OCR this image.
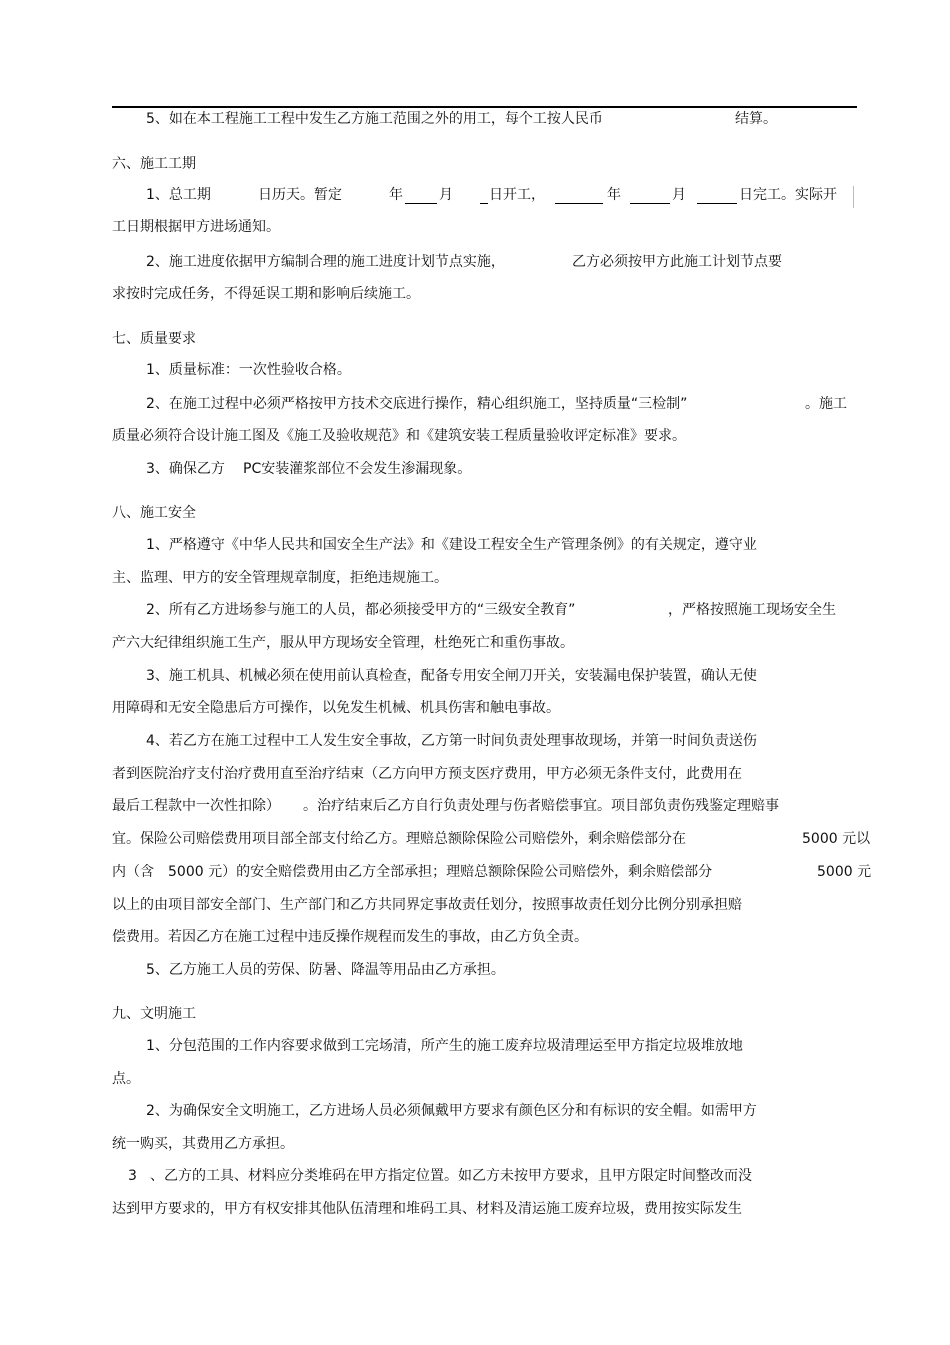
5、如在本工程施工工程中发生乙方施工范围之外的用工，每个工按人民币	结算。
六、施工工期
1、总工期	日历天。暂定	年	月	日开工，	年	月	日完工。实际开
工日期根据甲方进场通知。
2、施工进度依据甲方编制合理的施工进度计划节点实施，	乙方必须按甲方此施工计划节点要
求按时完成任务，不得延误工期和影响后续施工。
七、质量要求
1、质量标准：一次性验收合格。
2、在施工过程中必须严格按甲方技术交底进行操作，精心组织施工，坚持质量“三检制”	。施工
质量必须符合设计施工图及《施工及验收规范》和《建筑安装工程质量验收评定标准》要求。
3、确保乙方 PC安装灌浆部位不会发生渗漏现象。
八、施工安全
1、严格遵守《中华人民共和国安全生产法》和《建设工程安全生产管理条例》的有关规定，遵守业
主、监理、甲方的安全管理规章制度，拒绝违规施工。
2、所有乙方进场参与施工的人员，都必须接受甲方的“三级安全教育”	，严格按照施工现场安全生
产六大纪律组织施工生产，服从甲方现场安全管理，杜绝死亡和重伤事故。
3、施工机具、机械必须在使用前认真检查，配备专用安全闸刀开关，安装漏电保护装置，确认无使
用障碍和无安全隐患后方可操作，以免发生机械、机具伤害和触电事故。
4、若乙方在施工过程中工人发生安全事故，乙方第一时间负责处理事故现场，并第一时间负责送伤
者到医院治疗支付治疗费用直至治疗结束（乙方向甲方预支医疗费用，甲方必须无条件支付，此费用在
最后工程款中一次性扣除） 。治疗结束后乙方自行负责处理与伤者赔偿事宜。项目部负责伤残鉴定理赔事
宜。保险公司赔偿费用项目部全部支付给乙方。理赔总额除保险公司赔偿外，剩余赔偿部分在	5000 元以
内（含 5000 元）的安全赔偿费用由乙方全部承担；理赔总额除保险公司赔偿外，剩余赔偿部分	5000 元
以上的由项目部安全部门、生产部门和乙方共同界定事故责任划分，按照事故责任划分比例分别承担赔
偿费用。若因乙方在施工过程中违反操作规程而发生的事故，由乙方负全责。
5、乙方施工人员的劳保、防暑、降温等用品由乙方承担。
九、文明施工
1、分包范围的工作内容要求做到工完场清，所产生的施工废弃垃圾清理运至甲方指定垃圾堆放地
点。
2、为确保安全文明施工，乙方进场人员必须佩戴甲方要求有颜色区分和有标识的安全帽。如需甲方
统一购买，其费用乙方承担。
3 、乙方的工具、材料应分类堆码在甲方指定位置。如乙方未按甲方要求，且甲方限定时间整改而没
达到甲方要求的，甲方有权安排其他队伍清理和堆码工具、材料及清运施工废弃垃圾，费用按实际发生
